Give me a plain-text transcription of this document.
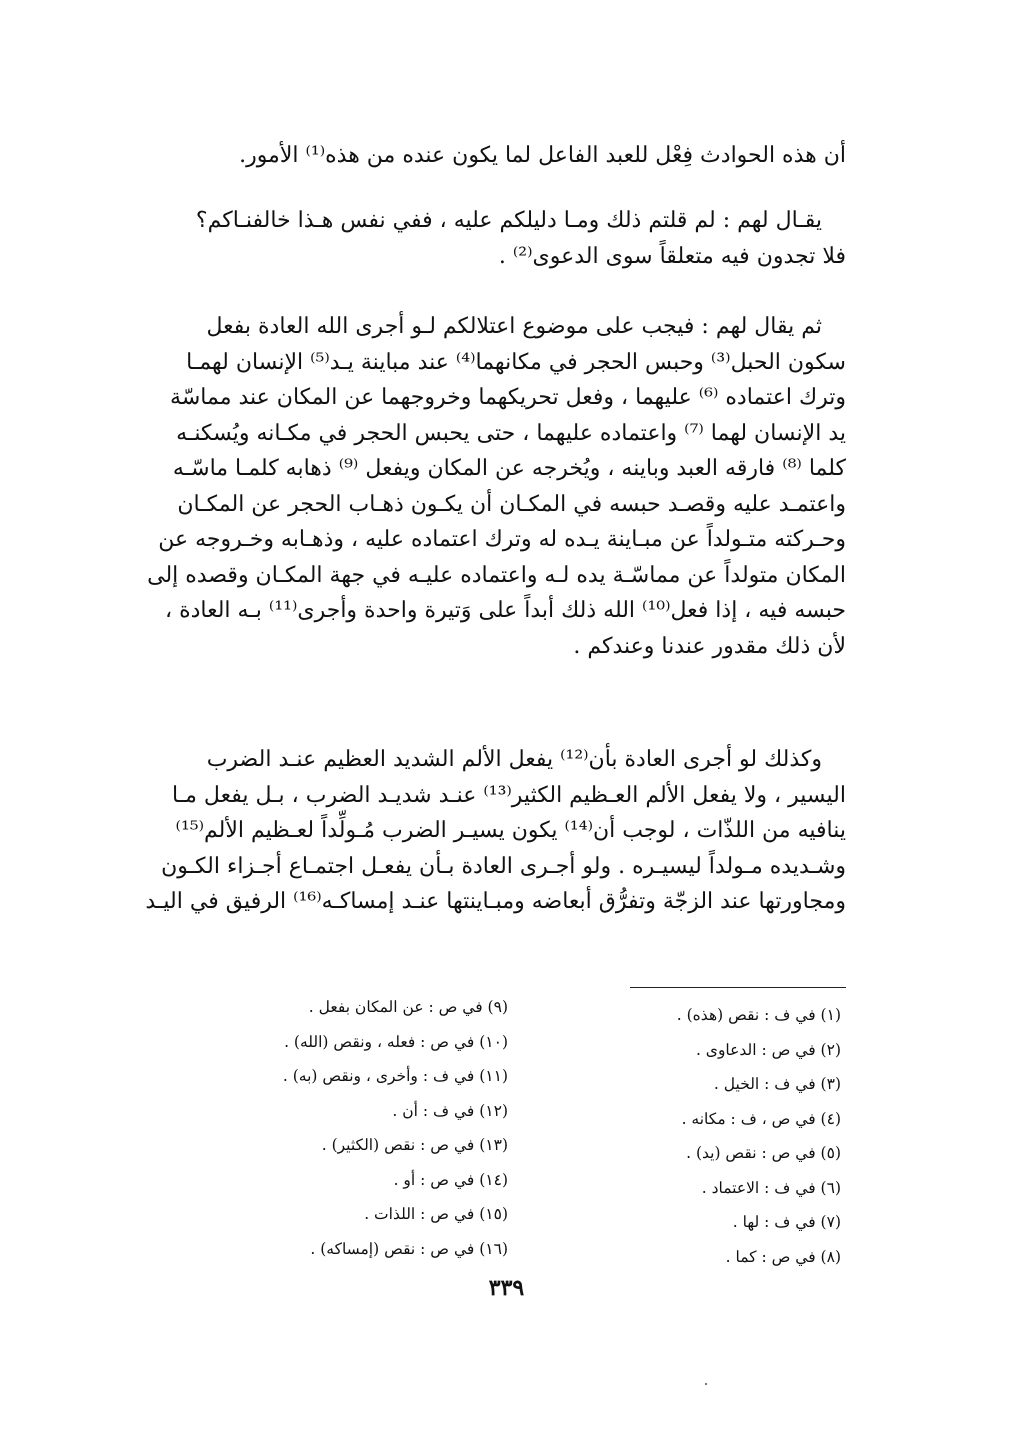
أن هذه الحوادث فِعْل للعبد الفاعل لما يكون عنده من هذه⁽¹⁾ الأمور.
يقـال لهم : لم قلتم ذلك ومـا دليلكم عليه ، ففي نفس هـذا خالفنـاكم؟
فلا تجدون فيه متعلقاً سوى الدعوى⁽²⁾ .
ثم يقال لهم : فيجب على موضوع اعتلالكم لـو أجرى الله العادة بفعل
سكون الحبل⁽³⁾ وحبس الحجر في مكانهما⁽⁴⁾ عند مباينة يـد⁽⁵⁾ الإنسان لهمـا
وترك اعتماده ⁽⁶⁾ عليهما ، وفعل تحريكهما وخروجهما عن المكان عند مماسّة
يد الإنسان لهما ⁽⁷⁾ واعتماده عليهما ، حتى يحبس الحجر في مكـانه ويُسكنـه
كلما ⁽⁸⁾ فارقه العبد وباينه ، ويُخرجه عن المكان ويفعل ⁽⁹⁾ ذهابه كلمـا ماسّـه
واعتمـد عليه وقصـد حبسه في المكـان أن يكـون ذهـاب الحجر عن المكـان
وحـركته متـولداً عن مبـاينة يـده له وترك اعتماده عليه ، وذهـابه وخـروجه عن
المكان متولداً عن مماسّـة يده لـه واعتماده عليـه في جهة المكـان وقصده إلى
حبسه فيه ، إذا فعل⁽¹⁰⁾ الله ذلك أبداً على وَتيرة واحدة وأجرى⁽¹¹⁾ بـه العادة ،
لأن ذلك مقدور عندنا وعندكم .
وكذلك لو أجرى العادة بأن⁽¹²⁾ يفعل الألم الشديد العظيم عنـد الضرب
اليسير ، ولا يفعل الألم العـظيم الكثير⁽¹³⁾ عنـد شديـد الضرب ، بـل يفعل مـا
ينافيه من اللذّات ، لوجب أن⁽¹⁴⁾ يكون يسيـر الضرب مُـولِّداً لعـظيم الألم⁽¹⁵⁾
وشـديده مـولداً ليسيـره . ولو أجـرى العادة بـأن يفعـل اجتمـاع أجـزاء الكـون
ومجاورتها عند الزجّة وتفرُّق أبعاضه ومبـاينتها عنـد إمساكـه⁽¹⁶⁾ الرفيق في اليـد
(١) في ف : نقص (هذه) .
(٢) في ص : الدعاوى .
(٣) في ف : الخيل .
(٤) في ص ، ف : مكانه .
(٥) في ص : نقص (يد) .
(٦) في ف : الاعتماد .
(٧) في ف : لها .
(٨) في ص : كما .
(٩) في ص : عن المكان بفعل .
(١٠) في ص : فعله ، ونقص (الله) .
(١١) في ف : وأخرى ، ونقص (به) .
(١٢) في ف : أن .
(١٣) في ص : نقص (الكثير) .
(١٤) في ص : أو .
(١٥) في ص : اللذات .
(١٦) في ص : نقص (إمساكه) .
٣٣٩
